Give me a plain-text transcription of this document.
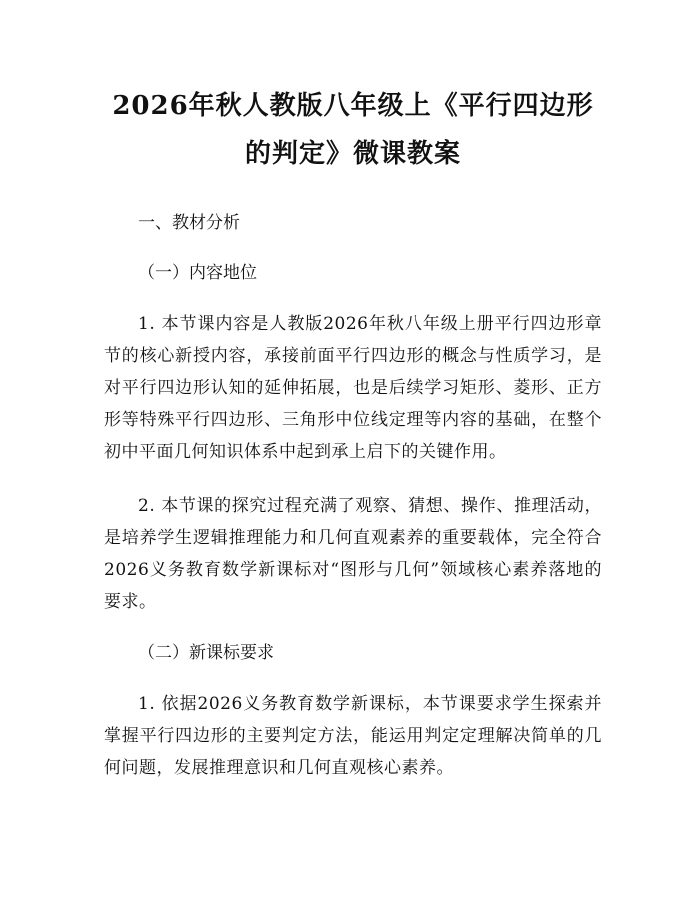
2026年秋人教版八年级上《平行四边形的判定》微课教案

一、教材分析

（一）内容地位

1. 本节课内容是人教版2026年秋八年级上册平行四边形章节的核心新授内容，承接前面平行四边形的概念与性质学习，是对平行四边形认知的延伸拓展，也是后续学习矩形、菱形、正方形等特殊平行四边形、三角形中位线定理等内容的基础，在整个初中平面几何知识体系中起到承上启下的关键作用。

2. 本节课的探究过程充满了观察、猜想、操作、推理活动，是培养学生逻辑推理能力和几何直观素养的重要载体，完全符合2026义务教育数学新课标对“图形与几何”领域核心素养落地的要求。

（二）新课标要求

1. 依据2026义务教育数学新课标，本节课要求学生探索并掌握平行四边形的主要判定方法，能运用判定定理解决简单的几何问题，发展推理意识和几何直观核心素养。
